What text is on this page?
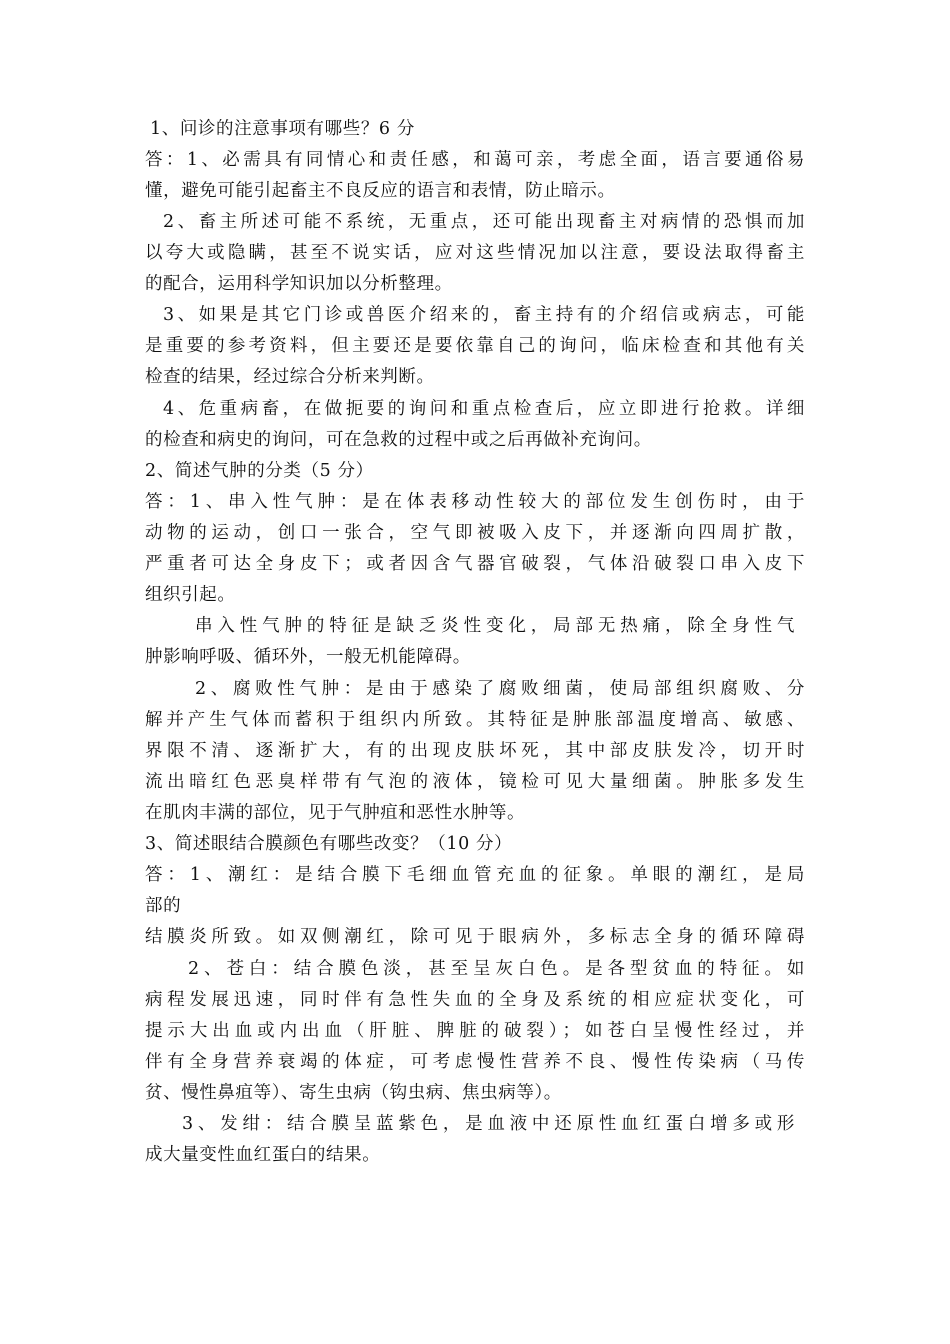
1、问诊的注意事项有哪些？6 分
答：1、必需具有同情心和责任感，和蔼可亲，考虑全面，语言要通俗易
懂，避免可能引起畜主不良反应的语言和表情，防止暗示。
2、畜主所述可能不系统，无重点，还可能出现畜主对病情的恐惧而加
以夸大或隐瞒，甚至不说实话，应对这些情况加以注意，要设法取得畜主
的配合，运用科学知识加以分析整理。
3、如果是其它门诊或兽医介绍来的，畜主持有的介绍信或病志，可能
是重要的参考资料，但主要还是要依靠自己的询问，临床检查和其他有关
检查的结果，经过综合分析来判断。
4、危重病畜，在做扼要的询问和重点检查后，应立即进行抢救。详细
的检查和病史的询问，可在急救的过程中或之后再做补充询问。
2、简述气肿的分类（5 分）
答：1、串入性气肿：是在体表移动性较大的部位发生创伤时，由于
动物的运动，创口一张合，空气即被吸入皮下，并逐渐向四周扩散，
严重者可达全身皮下；或者因含气器官破裂，气体沿破裂口串入皮下
组织引起。
串入性气肿的特征是缺乏炎性变化，局部无热痛，除全身性气
肿影响呼吸、循环外，一般无机能障碍。
2、腐败性气肿：是由于感染了腐败细菌，使局部组织腐败、分
解并产生气体而蓄积于组织内所致。其特征是肿胀部温度增高、敏感、
界限不清、逐渐扩大，有的出现皮肤坏死，其中部皮肤发冷，切开时
流出暗红色恶臭样带有气泡的液体，镜检可见大量细菌。肿胀多发生
在肌肉丰满的部位，见于气肿疽和恶性水肿等。
3、简述眼结合膜颜色有哪些改变？（10 分）
答：1、潮红：是结合膜下毛细血管充血的征象。单眼的潮红，是局
部的
结膜炎所致。如双侧潮红，除可见于眼病外，多标志全身的循环障碍
2、苍白：结合膜色淡，甚至呈灰白色。是各型贫血的特征。如
病程发展迅速，同时伴有急性失血的全身及系统的相应症状变化，可
提示大出血或内出血（肝脏、脾脏的破裂）；如苍白呈慢性经过，并
伴有全身营养衰竭的体症，可考虑慢性营养不良、慢性传染病（马传
贫、慢性鼻疽等）、寄生虫病（钩虫病、焦虫病等）。
3、发绀：结合膜呈蓝紫色，是血液中还原性血红蛋白增多或形
成大量变性血红蛋白的结果。
